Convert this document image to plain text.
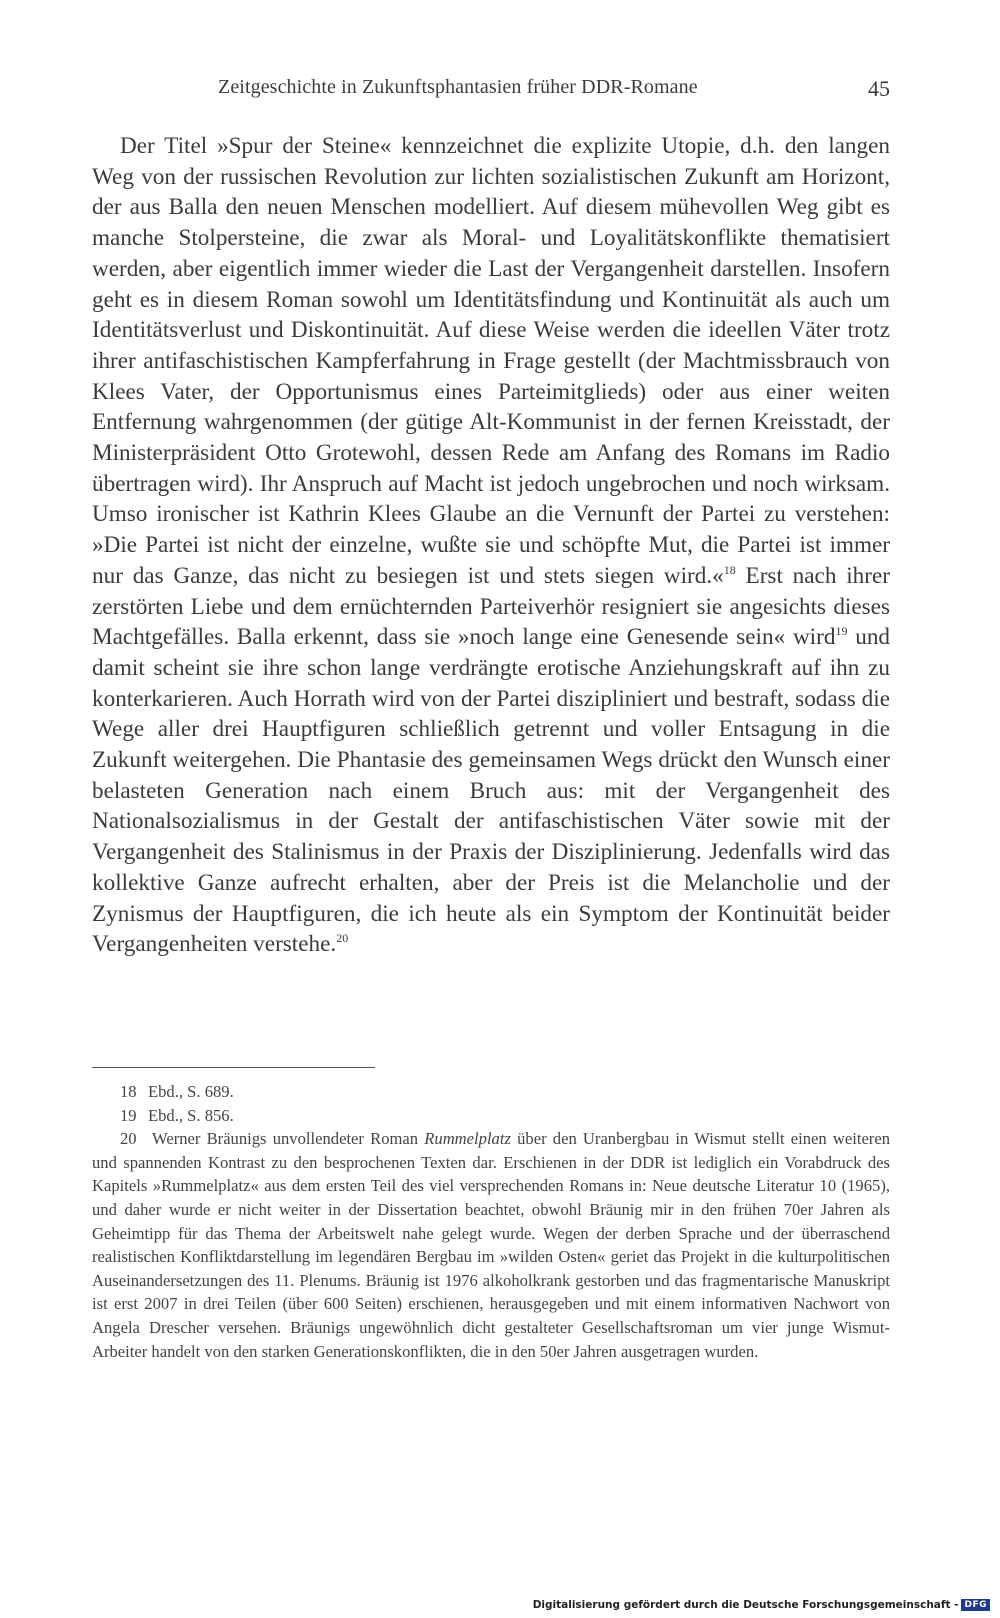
Zeitgeschichte in Zukunftsphantasien früher DDR-Romane	45

Der Titel »Spur der Steine« kennzeichnet die explizite Utopie, d.h. den langen Weg von der russischen Revolution zur lichten sozialistischen Zukunft am Horizont, der aus Balla den neuen Menschen modelliert. Auf diesem mühevollen Weg gibt es manche Stolpersteine, die zwar als Moral- und Loyalitätskonflikte thematisiert werden, aber eigentlich immer wieder die Last der Vergangenheit darstellen. Insofern geht es in diesem Roman sowohl um Identitätsfindung und Kontinuität als auch um Identitätsverlust und Diskontinuität. Auf diese Weise werden die ideellen Väter trotz ihrer antifaschistischen Kampferfahrung in Frage gestellt (der Machtmissbrauch von Klees Vater, der Opportunismus eines Parteimitglieds) oder aus einer weiten Entfernung wahrgenommen (der gütige Alt-Kommunist in der fernen Kreisstadt, der Ministerpräsident Otto Grotewohl, dessen Rede am Anfang des Romans im Radio übertragen wird). Ihr Anspruch auf Macht ist jedoch ungebrochen und noch wirksam. Umso ironischer ist Kathrin Klees Glaube an die Vernunft der Partei zu verstehen: »Die Partei ist nicht der einzelne, wußte sie und schöpfte Mut, die Partei ist immer nur das Ganze, das nicht zu besiegen ist und stets siegen wird.«$^{18}$ Erst nach ihrer zerstörten Liebe und dem ernüchternden Parteiverhör resigniert sie angesichts dieses Machtgefälles. Balla erkennt, dass sie »noch lange eine Genesende sein« wird$^{19}$ und damit scheint sie ihre schon lange verdrängte erotische Anziehungskraft auf ihn zu konterkarieren. Auch Horrath wird von der Partei diszipliniert und bestraft, sodass die Wege aller drei Hauptfiguren schließlich getrennt und voller Entsagung in die Zukunft weitergehen. Die Phantasie des gemeinsamen Wegs drückt den Wunsch einer belasteten Generation nach einem Bruch aus: mit der Vergangenheit des Nationalsozialismus in der Gestalt der antifaschistischen Väter sowie mit der Vergangenheit des Stalinismus in der Praxis der Disziplinierung. Jedenfalls wird das kollektive Ganze aufrecht erhalten, aber der Preis ist die Melancholie und der Zynismus der Hauptfiguren, die ich heute als ein Symptom der Kontinuität beider Vergangenheiten verstehe.$^{20}$

18 Ebd., S. 689.

19 Ebd., S. 856.

20 Werner Bräunigs unvollendeter Roman Rummelplatz über den Uranbergbau in Wismut stellt einen weiteren und spannenden Kontrast zu den besprochenen Texten dar. Erschienen in der DDR ist lediglich ein Vorabdruck des Kapitels »Rummelplatz« aus dem ersten Teil des viel versprechenden Romans in: Neue deutsche Literatur 10 (1965), und daher wurde er nicht weiter in der Dissertation beachtet, obwohl Bräunig mir in den frühen 70er Jahren als Geheimtipp für das Thema der Arbeitswelt nahe gelegt wurde. Wegen der derben Sprache und der überraschend realistischen Konfliktdarstellung im legendären Bergbau im »wilden Osten« geriet das Projekt in die kulturpolitischen Auseinandersetzungen des 11. Plenums. Bräunig ist 1976 alkoholkrank gestorben und das fragmentarische Manuskript ist erst 2007 in drei Teilen (über 600 Seiten) erschienen, herausgegeben und mit einem informativen Nachwort von Angela Drescher versehen. Bräunigs ungewöhnlich dicht gestalteter Gesellschaftsroman um vier junge Wismut-Arbeiter handelt von den starken Generationskonflikten, die in den 50er Jahren ausgetragen wurden.

Digitalisierung gefördert durch die Deutsche Forschungsgemeinschaft - DFG
